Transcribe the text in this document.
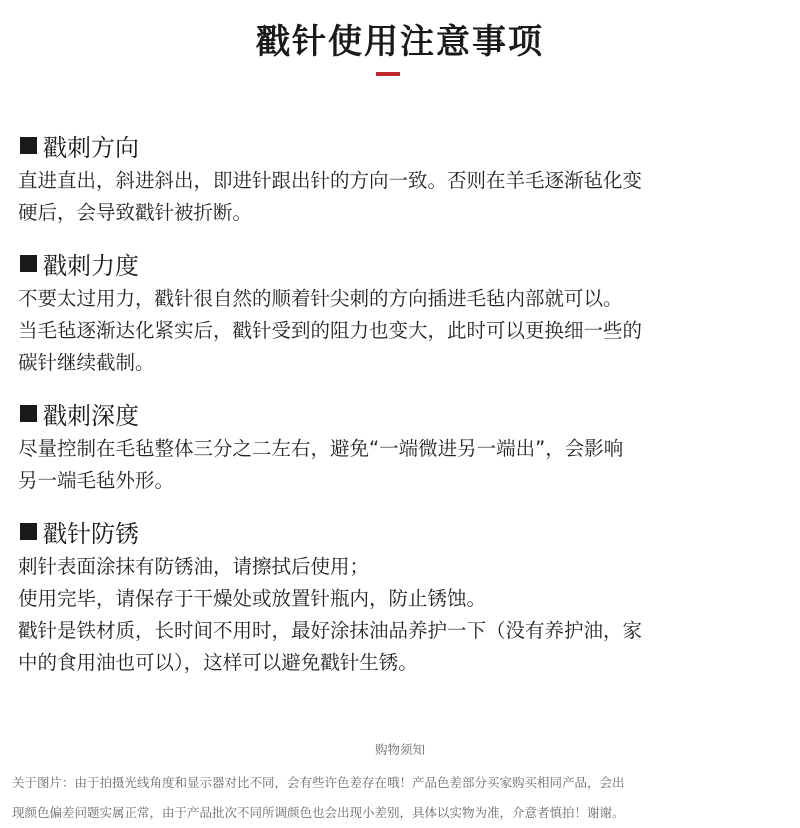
戳针使用注意事项
戳刺方向
直进直出，斜进斜出，即进针跟出针的方向一致。否则在羊毛逐渐毡化变
硬后，会导致戳针被折断。
戳刺力度
不要太过用力，戳针很自然的顺着针尖刺的方向插进毛毡内部就可以。
当毛毡逐渐达化紧实后，戳针受到的阻力也变大，此时可以更换细一些的
碳针继续截制。
戳刺深度
尽量控制在毛毡整体三分之二左右，避免“一端微进另一端出”，会影响
另一端毛毡外形。
戳针防锈
刺针表面涂抹有防锈油，请擦拭后使用；
使用完毕，请保存于干燥处或放置针瓶内，防止锈蚀。
戳针是铁材质，长时间不用时，最好涂抹油品养护一下（没有养护油，家
中的食用油也可以），这样可以避免戳针生锈。
购物须知
关于图片：由于拍摄光线角度和显示器对比不同，会有些许色差存在哦！产品色差部分买家购买相同产品，会出
现颜色偏差问题实属正常，由于产品批次不同所调颜色也会出现小差别，具体以实物为准，介意者慎拍！谢谢。
